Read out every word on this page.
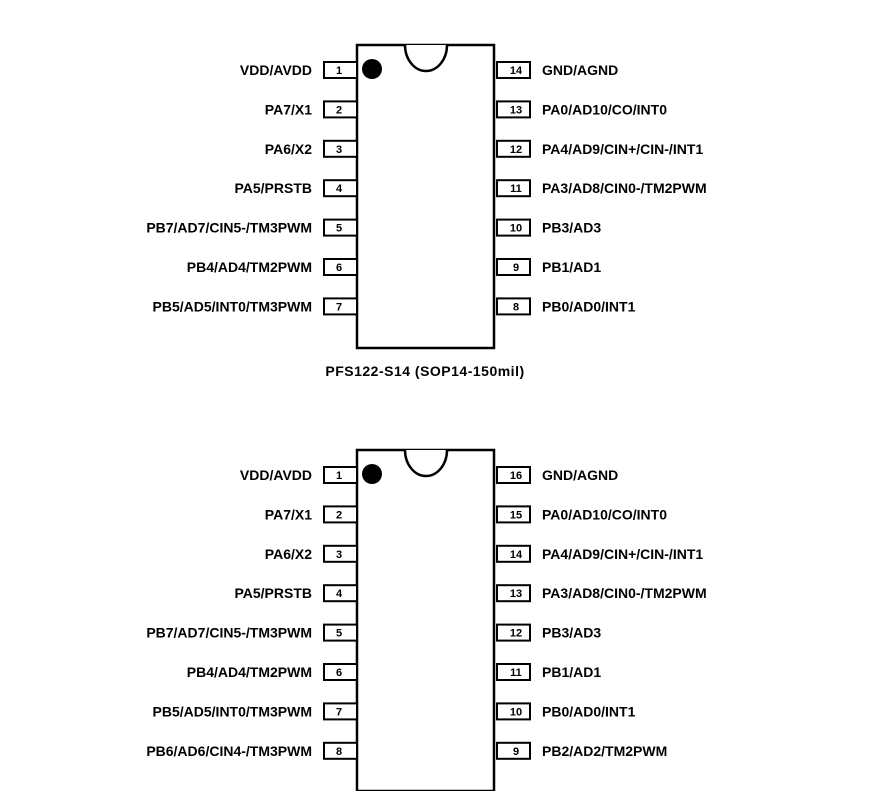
1
VDD/AVDD
2
PA7/X1
3
PA6/X2
4
PA5/PRSTB
5
PB7/AD7/CIN5-/TM3PWM
6
PB4/AD4/TM2PWM
7
PB5/AD5/INT0/TM3PWM
14 GND/AGND
13 PA0/AD10/CO/INT0
12 PA4/AD9/CIN+/CIN-/INT1
11 PA3/AD8/CIN0-/TM2PWM
10 PB3/AD3
9 PB1/AD1
8 PB0/AD0/INT1
PFS122-S14 (SOP14-150mil)
1
VDD/AVDD
2
PA7/X1
3
PA6/X2
4
PA5/PRSTB
5
PB7/AD7/CIN5-/TM3PWM
6
PB4/AD4/TM2PWM
7
PB5/AD5/INT0/TM3PWM
8
PB6/AD6/CIN4-/TM3PWM
16 GND/AGND
15 PA0/AD10/CO/INT0
14 PA4/AD9/CIN+/CIN-/INT1
13 PA3/AD8/CIN0-/TM2PWM
12 PB3/AD3
11 PB1/AD1
10 PB0/AD0/INT1
9 PB2/AD2/TM2PWM
